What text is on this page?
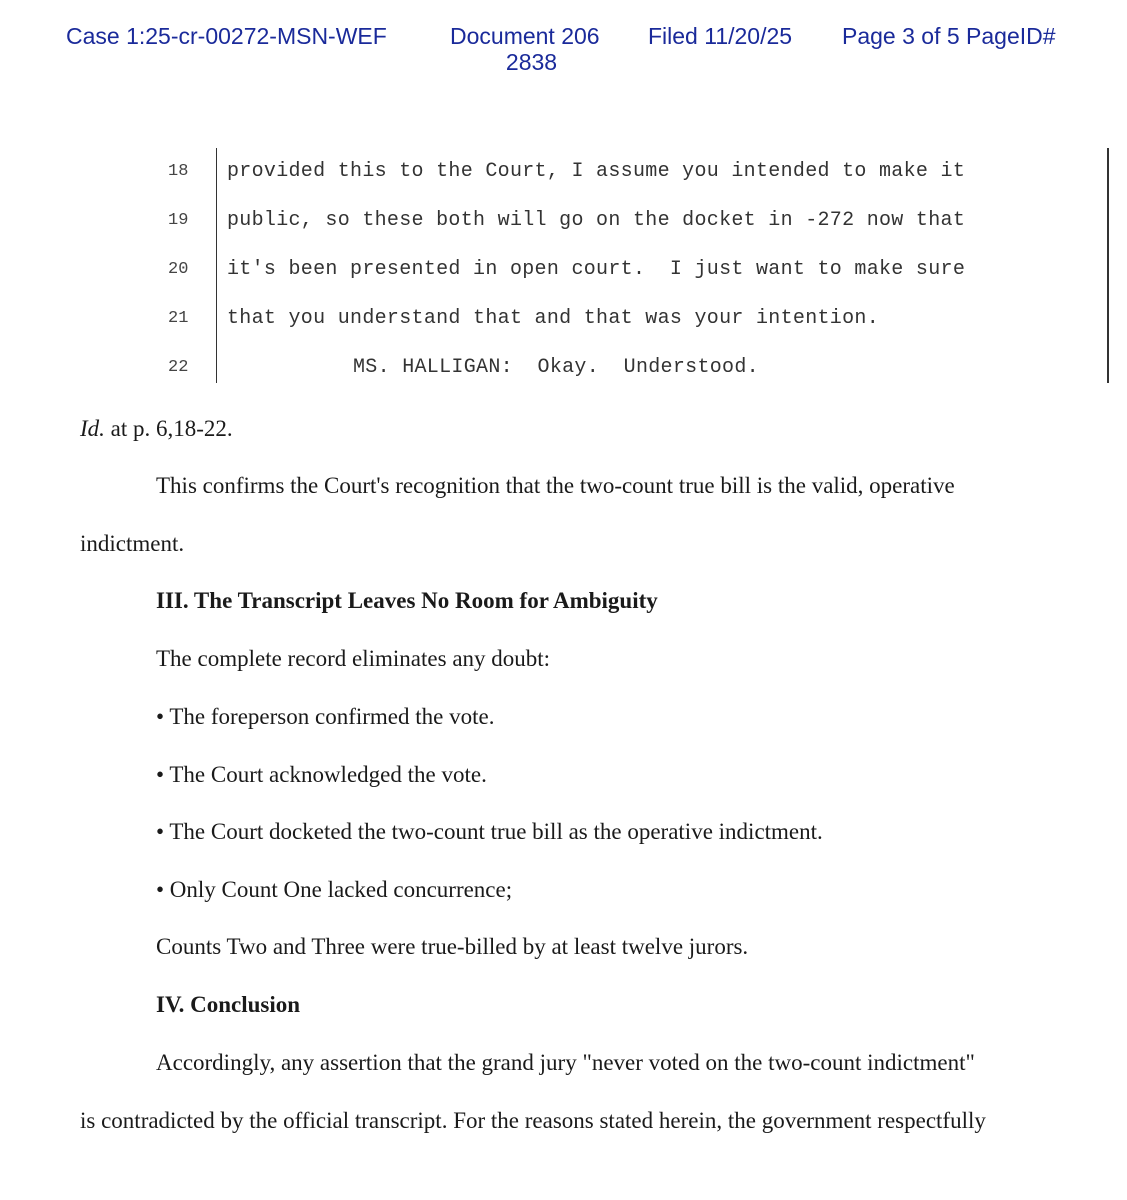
Case 1:25-cr-00272-MSN-WEF	Document 206
2838
Filed 11/20/25 Page 3 of 5 PageID#

18

provided this to the Court, I assume you intended to make it

19

public, so these both will go on the docket in -272 now that

20

it's been presented in open court.  I just want to make sure

21

that you understand that and that was your intention.

22

	MS. HALLIGAN:  Okay.  Understood.

Id. at p. 6,18-22.
This confirms the Court's recognition that the two-count true bill is the valid, operative
indictment.
III. The Transcript Leaves No Room for Ambiguity
The complete record eliminates any doubt:
• The foreperson confirmed the vote.
• The Court acknowledged the vote.
• The Court docketed the two-count true bill as the operative indictment.
• Only Count One lacked concurrence;
Counts Two and Three were true-billed by at least twelve jurors.
IV. Conclusion
Accordingly, any assertion that the grand jury "never voted on the two-count indictment"
is contradicted by the official transcript. For the reasons stated herein, the government respectfully
